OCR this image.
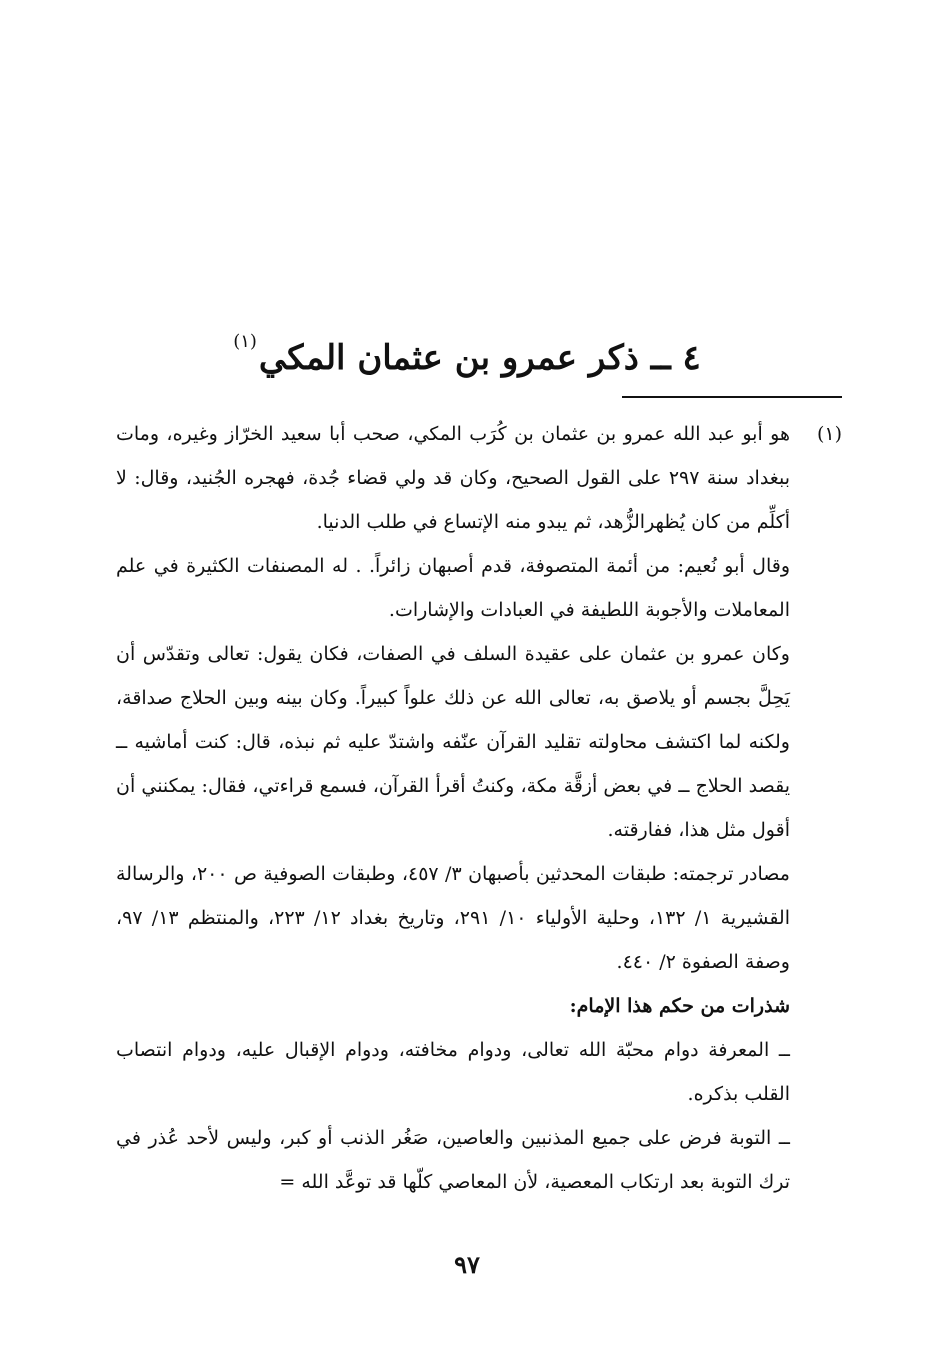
٤ ــ ذكر عمرو بن عثمان المكي$^{(١)}$
(١)

هو أبو عبد الله عمرو بن عثمان بن كُرَب المكي، صحب أبا سعيد الخرّاز وغيره، ومات ببغداد سنة ٢٩٧ على القول الصحيح، وكان قد ولي قضاء جُدة، فهجره الجُنيد، وقال: لا أكلِّم من كان يُظهرالزُّهد، ثم يبدو منه الإتساع في طلب الدنيا.

وقال أبو نُعيم: من أئمة المتصوفة، قدم أصبهان زائراً. . له المصنفات الكثيرة في علم المعاملات والأجوبة اللطيفة في العبادات والإشارات.

وكان عمرو بن عثمان على عقيدة السلف في الصفات، فكان يقول: تعالى وتقدّس أن يَحِلَّ بجسم أو يلاصق به، تعالى الله عن ذلك علواً كبيراً. وكان بينه وبين الحلاج صداقة، ولكنه لما اكتشف محاولته تقليد القرآن عنّفه واشتدّ عليه ثم نبذه، قال: كنت أماشيه ــ يقصد الحلاج ــ في بعض أزقَّة مكة، وكنتُ أقرأ القرآن، فسمع قراءتي، فقال: يمكنني أن أقول مثل هذا، ففارقته.

مصادر ترجمته: طبقات المحدثين بأصبهان ٣/ ٤٥٧، وطبقات الصوفية ص ٢٠٠، والرسالة القشيرية ١/ ١٣٢، وحلية الأولياء ١٠/ ٢٩١، وتاريخ بغداد ١٢/ ٢٢٣، والمنتظم ١٣/ ٩٧، وصفة الصفوة ٢/ ٤٤٠.

شذرات من حكم هذا الإمام:

ــ المعرفة دوام محبّة الله تعالى، ودوام مخافته، ودوام الإقبال عليه، ودوام انتصاب القلب بذكره.

ــ التوبة فرض على جميع المذنبين والعاصين، صَغُر الذنب أو كبر، وليس لأحد عُذر في ترك التوبة بعد ارتكاب المعصية، لأن المعاصي كلّها قد توعَّد الله =

٩٧
